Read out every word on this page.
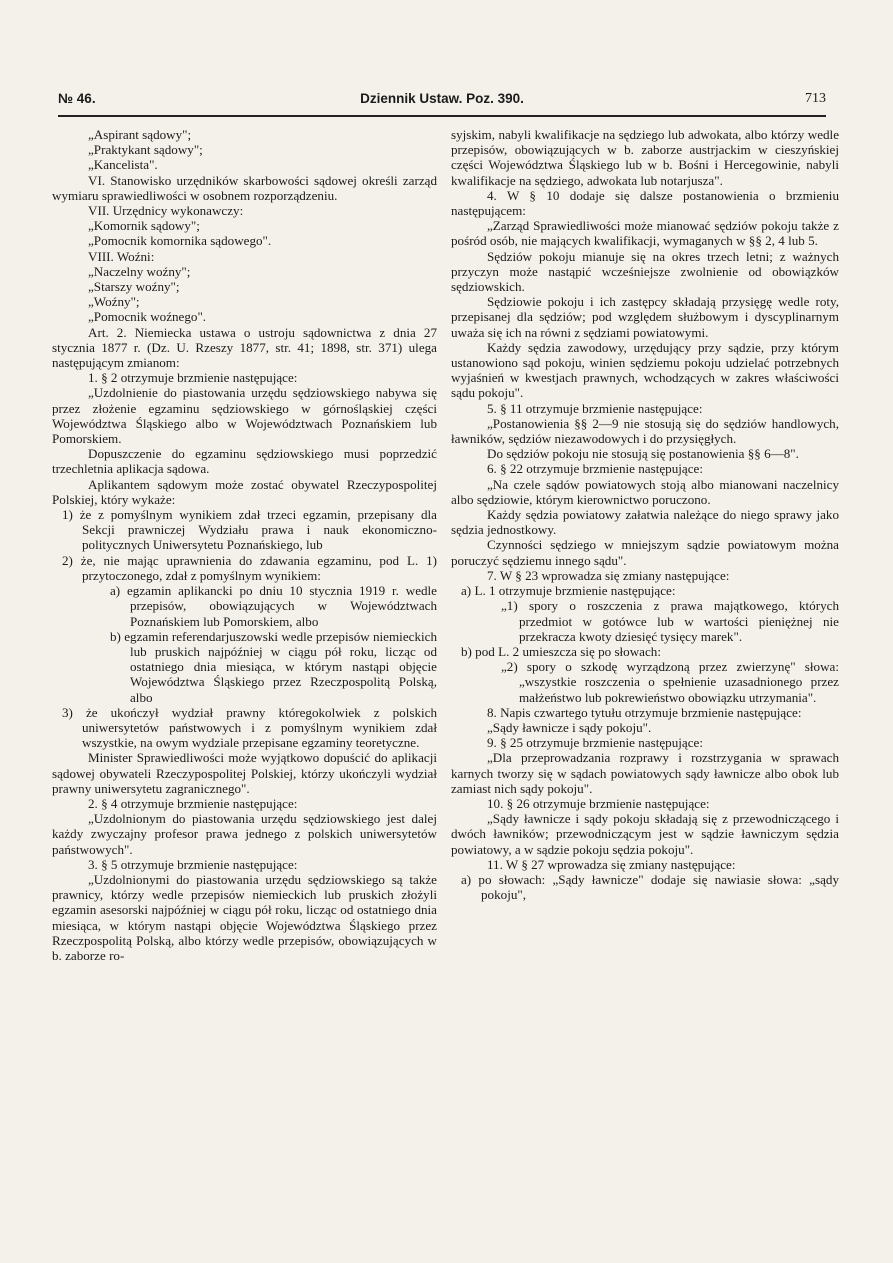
№ 46.	Dziennik Ustaw. Poz. 390.	713

„Aspirant sądowy";

„Praktykant sądowy";

„Kancelista".

VI. Stanowisko urzędników skarbowości sądowej określi zarząd wymiaru sprawiedliwości w osobnem rozporządzeniu.

VII. Urzędnicy wykonawczy:

„Komornik sądowy";

„Pomocnik komornika sądowego".

VIII. Woźni:

„Naczelny woźny";

„Starszy woźny";

„Woźny";

„Pomocnik woźnego".

Art. 2. Niemiecka ustawa o ustroju sądownictwa z dnia 27 stycznia 1877 r. (Dz. U. Rzeszy 1877, str. 41; 1898, str. 371) ulega następującym zmianom:

1. § 2 otrzymuje brzmienie następujące:

„Uzdolnienie do piastowania urzędu sędziowskiego nabywa się przez złożenie egzaminu sędziowskiego w górnośląskiej części Województwa Śląskiego albo w Województwach Poznańskiem lub Pomorskiem.

Dopuszczenie do egzaminu sędziowskiego musi poprzedzić trzechletnia aplikacja sądowa.

Aplikantem sądowym może zostać obywatel Rzeczypospolitej Polskiej, który wykaże:

1) że z pomyślnym wynikiem zdał trzeci egzamin, przepisany dla Sekcji prawniczej Wydziału prawa i nauk ekonomiczno-politycznych Uniwersytetu Poznańskiego, lub

2) że, nie mając uprawnienia do zdawania egzaminu, pod L. 1) przytoczonego, zdał z pomyślnym wynikiem:

a) egzamin aplikancki po dniu 10 stycznia 1919 r. wedle przepisów, obowiązujących w Województwach Poznańskiem lub Pomorskiem, albo

b) egzamin referendarjuszowski wedle przepisów niemieckich lub pruskich najpóźniej w ciągu pół roku, licząc od ostatniego dnia miesiąca, w którym nastąpi objęcie Województwa Śląskiego przez Rzeczpospolitą Polską, albo

3) że ukończył wydział prawny któregokolwiek z polskich uniwersytetów państwowych i z pomyślnym wynikiem zdał wszystkie, na owym wydziale przepisane egzaminy teoretyczne.

Minister Sprawiedliwości może wyjątkowo dopuścić do aplikacji sądowej obywateli Rzeczypospolitej Polskiej, którzy ukończyli wydział prawny uniwersytetu zagranicznego".

2. § 4 otrzymuje brzmienie następujące:

„Uzdolnionym do piastowania urzędu sędziowskiego jest dalej każdy zwyczajny profesor prawa jednego z polskich uniwersytetów państwowych".

3. § 5 otrzymuje brzmienie następujące:

„Uzdolnionymi do piastowania urzędu sędziowskiego są także prawnicy, którzy wedle przepisów niemieckich lub pruskich złożyli egzamin asesorski najpóźniej w ciągu pół roku, licząc od ostatniego dnia miesiąca, w którym nastąpi objęcie Województwa Śląskiego przez Rzeczpospolitą Polską, albo którzy wedle przepisów, obowiązujących w b. zaborze ro-

syjskim, nabyli kwalifikacje na sędziego lub adwokata, albo którzy wedle przepisów, obowiązujących w b. zaborze austrjackim w cieszyńskiej części Województwa Śląskiego lub w b. Bośni i Hercegowinie, nabyli kwalifikacje na sędziego, adwokata lub notarjusza".

4. W § 10 dodaje się dalsze postanowienia o brzmieniu następującem:

„Zarząd Sprawiedliwości może mianować sędziów pokoju także z pośród osób, nie mających kwalifikacji, wymaganych w §§ 2, 4 lub 5.

Sędziów pokoju mianuje się na okres trzech letni; z ważnych przyczyn może nastąpić wcześniejsze zwolnienie od obowiązków sędziowskich.

Sędziowie pokoju i ich zastępcy składają przysięgę wedle roty, przepisanej dla sędziów; pod względem służbowym i dyscyplinarnym uważa się ich na równi z sędziami powiatowymi.

Każdy sędzia zawodowy, urzędujący przy sądzie, przy którym ustanowiono sąd pokoju, winien sędziemu pokoju udzielać potrzebnych wyjaśnień w kwestjach prawnych, wchodzących w zakres właściwości sądu pokoju".

5. § 11 otrzymuje brzmienie następujące:

„Postanowienia §§ 2—9 nie stosują się do sędziów handlowych, ławników, sędziów niezawodowych i do przysięgłych.

Do sędziów pokoju nie stosują się postanowienia §§ 6—8".

6. § 22 otrzymuje brzmienie następujące:

„Na czele sądów powiatowych stoją albo mianowani naczelnicy albo sędziowie, którym kierownictwo poruczono.

Każdy sędzia powiatowy załatwia należące do niego sprawy jako sędzia jednostkowy.

Czynności sędziego w mniejszym sądzie powiatowym można poruczyć sędziemu innego sądu".

7. W § 23 wprowadza się zmiany następujące:

a) L. 1 otrzymuje brzmienie następujące:

„1) spory o roszczenia z prawa majątkowego, których przedmiot w gotówce lub w wartości pieniężnej nie przekracza kwoty dziesięć tysięcy marek".

b) pod L. 2 umieszcza się po słowach:

„2) spory o szkodę wyrządzoną przez zwierzynę" słowa: „wszystkie roszczenia o spełnienie uzasadnionego przez małżeństwo lub pokrewieństwo obowiązku utrzymania".

8. Napis czwartego tytułu otrzymuje brzmienie następujące:

„Sądy ławnicze i sądy pokoju".

9. § 25 otrzymuje brzmienie następujące:

„Dla przeprowadzania rozprawy i rozstrzygania w sprawach karnych tworzy się w sądach powiatowych sądy ławnicze albo obok lub zamiast nich sądy pokoju".

10. § 26 otrzymuje brzmienie następujące:

„Sądy ławnicze i sądy pokoju składają się z przewodniczącego i dwóch ławników; przewodniczącym jest w sądzie ławniczym sędzia powiatowy, a w sądzie pokoju sędzia pokoju".

11. W § 27 wprowadza się zmiany następujące:

a) po słowach: „Sądy ławnicze" dodaje się nawiasie słowa: „sądy pokoju",
